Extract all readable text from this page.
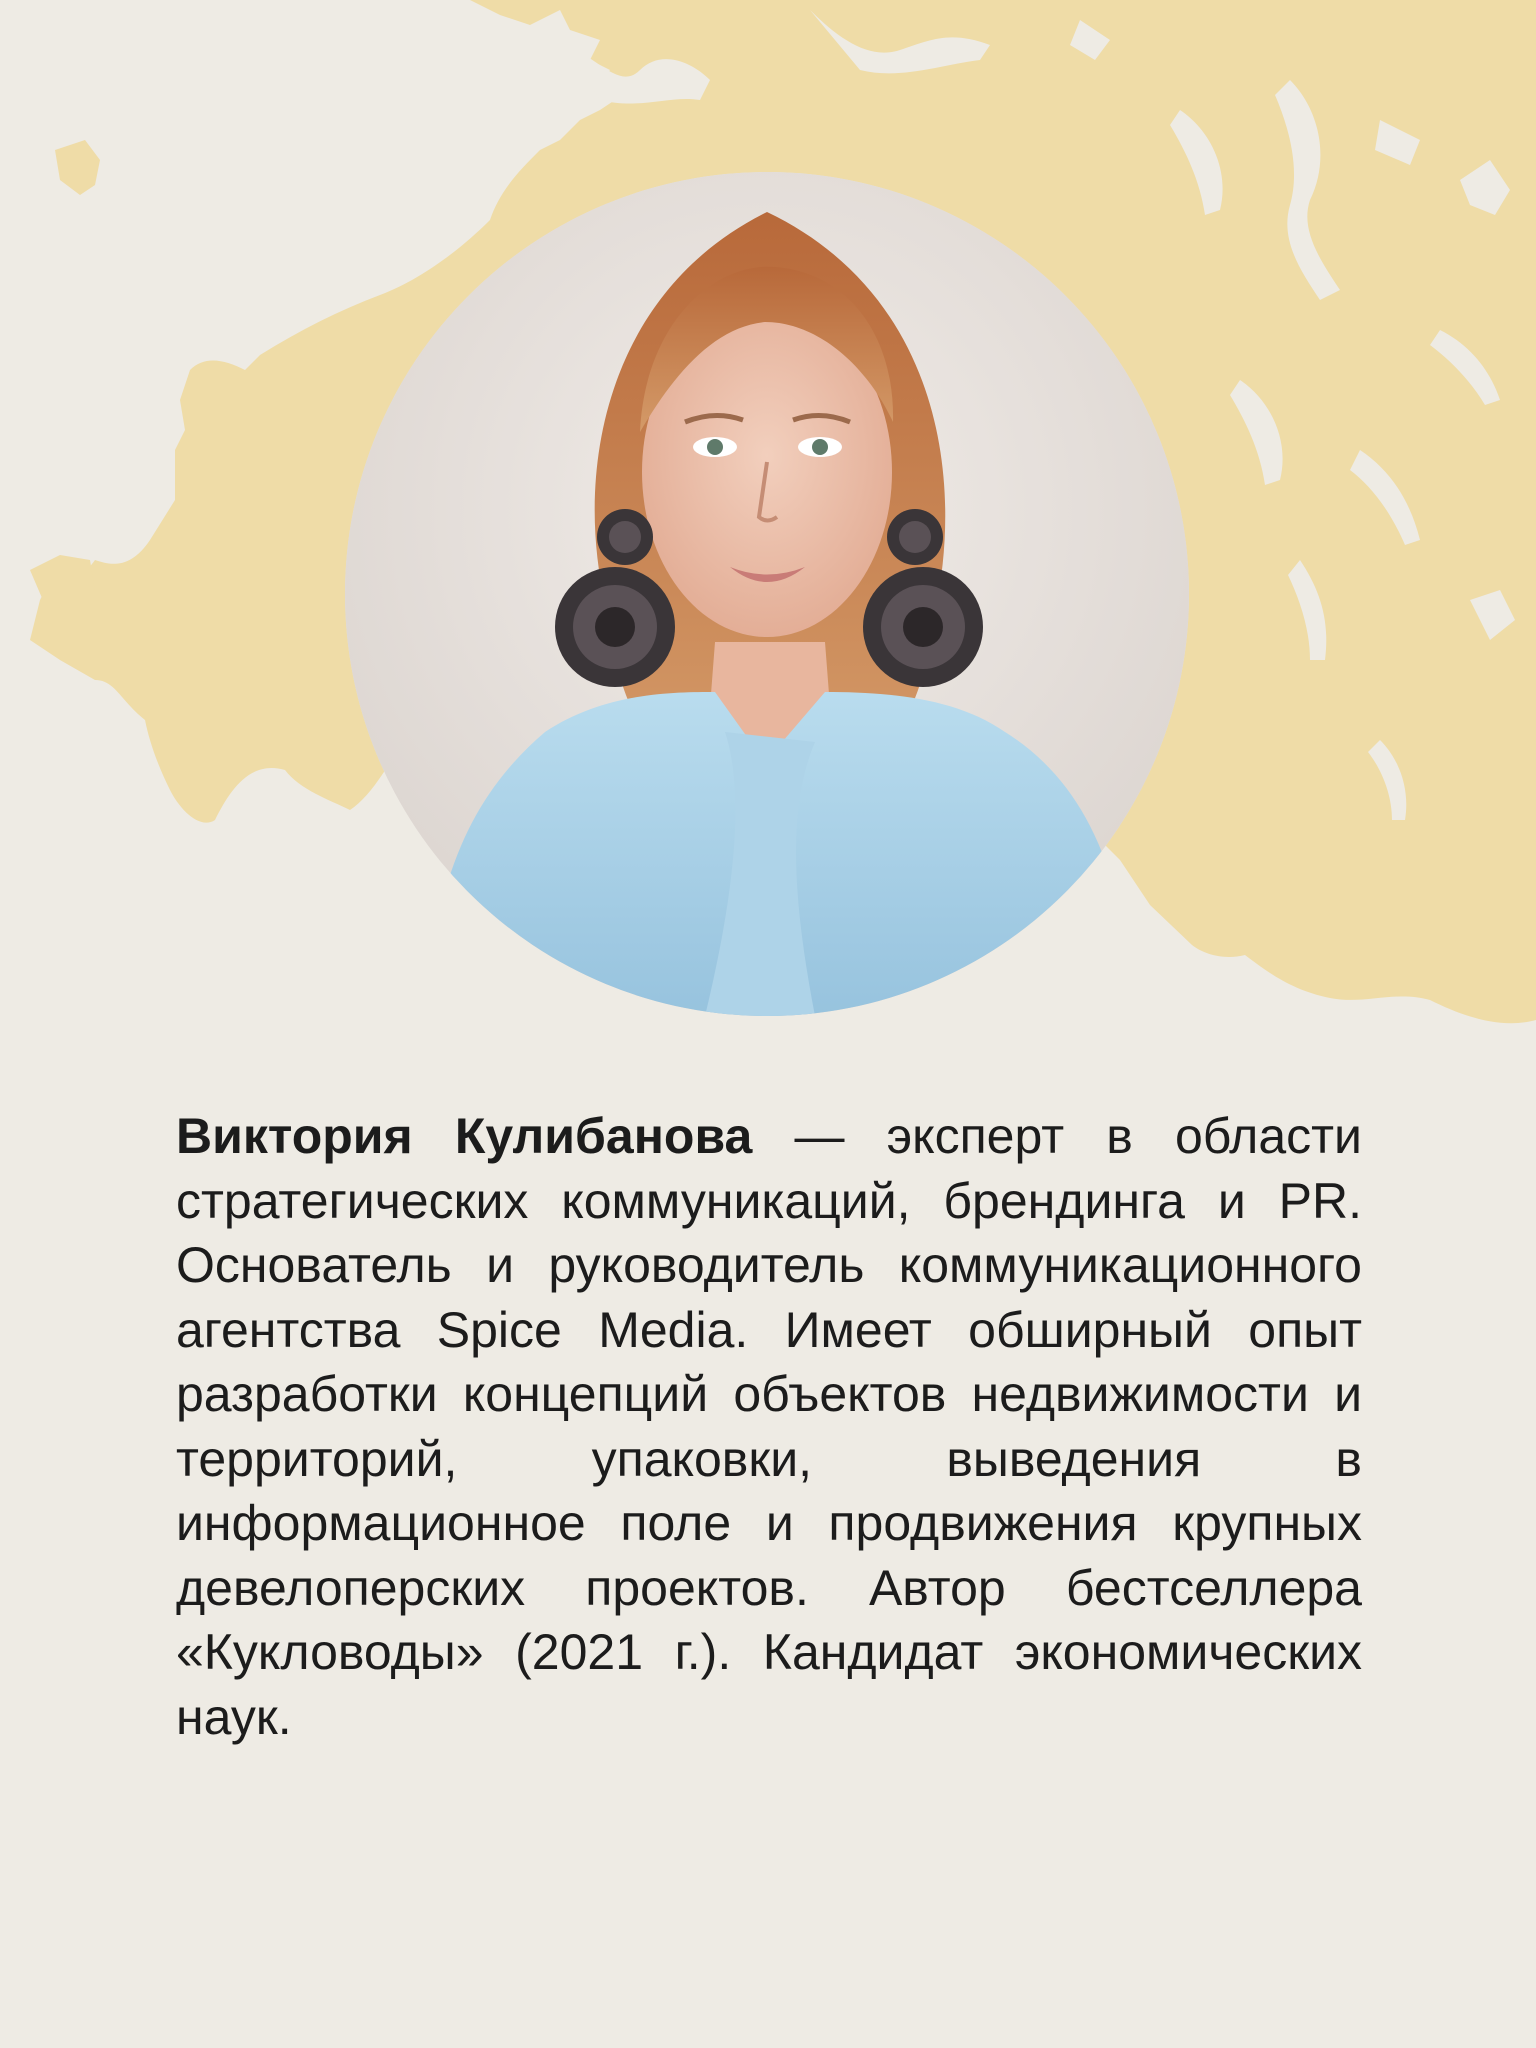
Виктория Кулибанова — эксперт в области стратегических коммуникаций, брендинга и PR. Основатель и руководитель коммуникационного агентства Spice Media. Имеет обширный опыт разработки концепций объектов недвижимости и территорий, упаковки, выведения в информационное поле и продвижения крупных девелоперских проектов. Автор бестселлера «Кукловоды» (2021 г.). Кандидат экономических наук.
